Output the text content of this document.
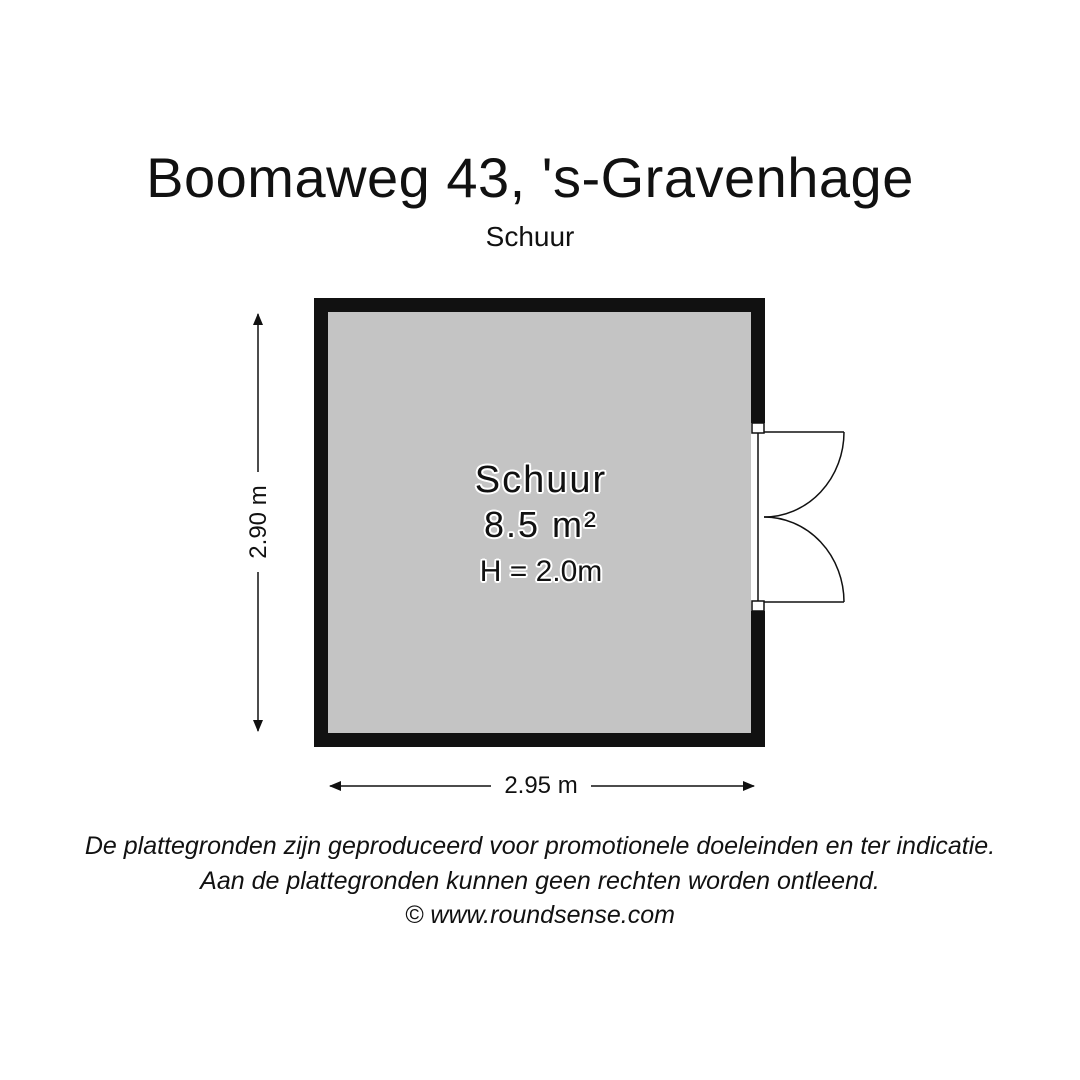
Boomaweg 43, 's-Gravenhage
Schuur
Schuur
8.5 m²
H = 2.0m
2.95 m
2.90 m
De plattegronden zijn geproduceerd voor promotionele doeleinden en ter indicatie.
Aan de plattegronden kunnen geen rechten worden ontleend.
© www.roundsense.com
